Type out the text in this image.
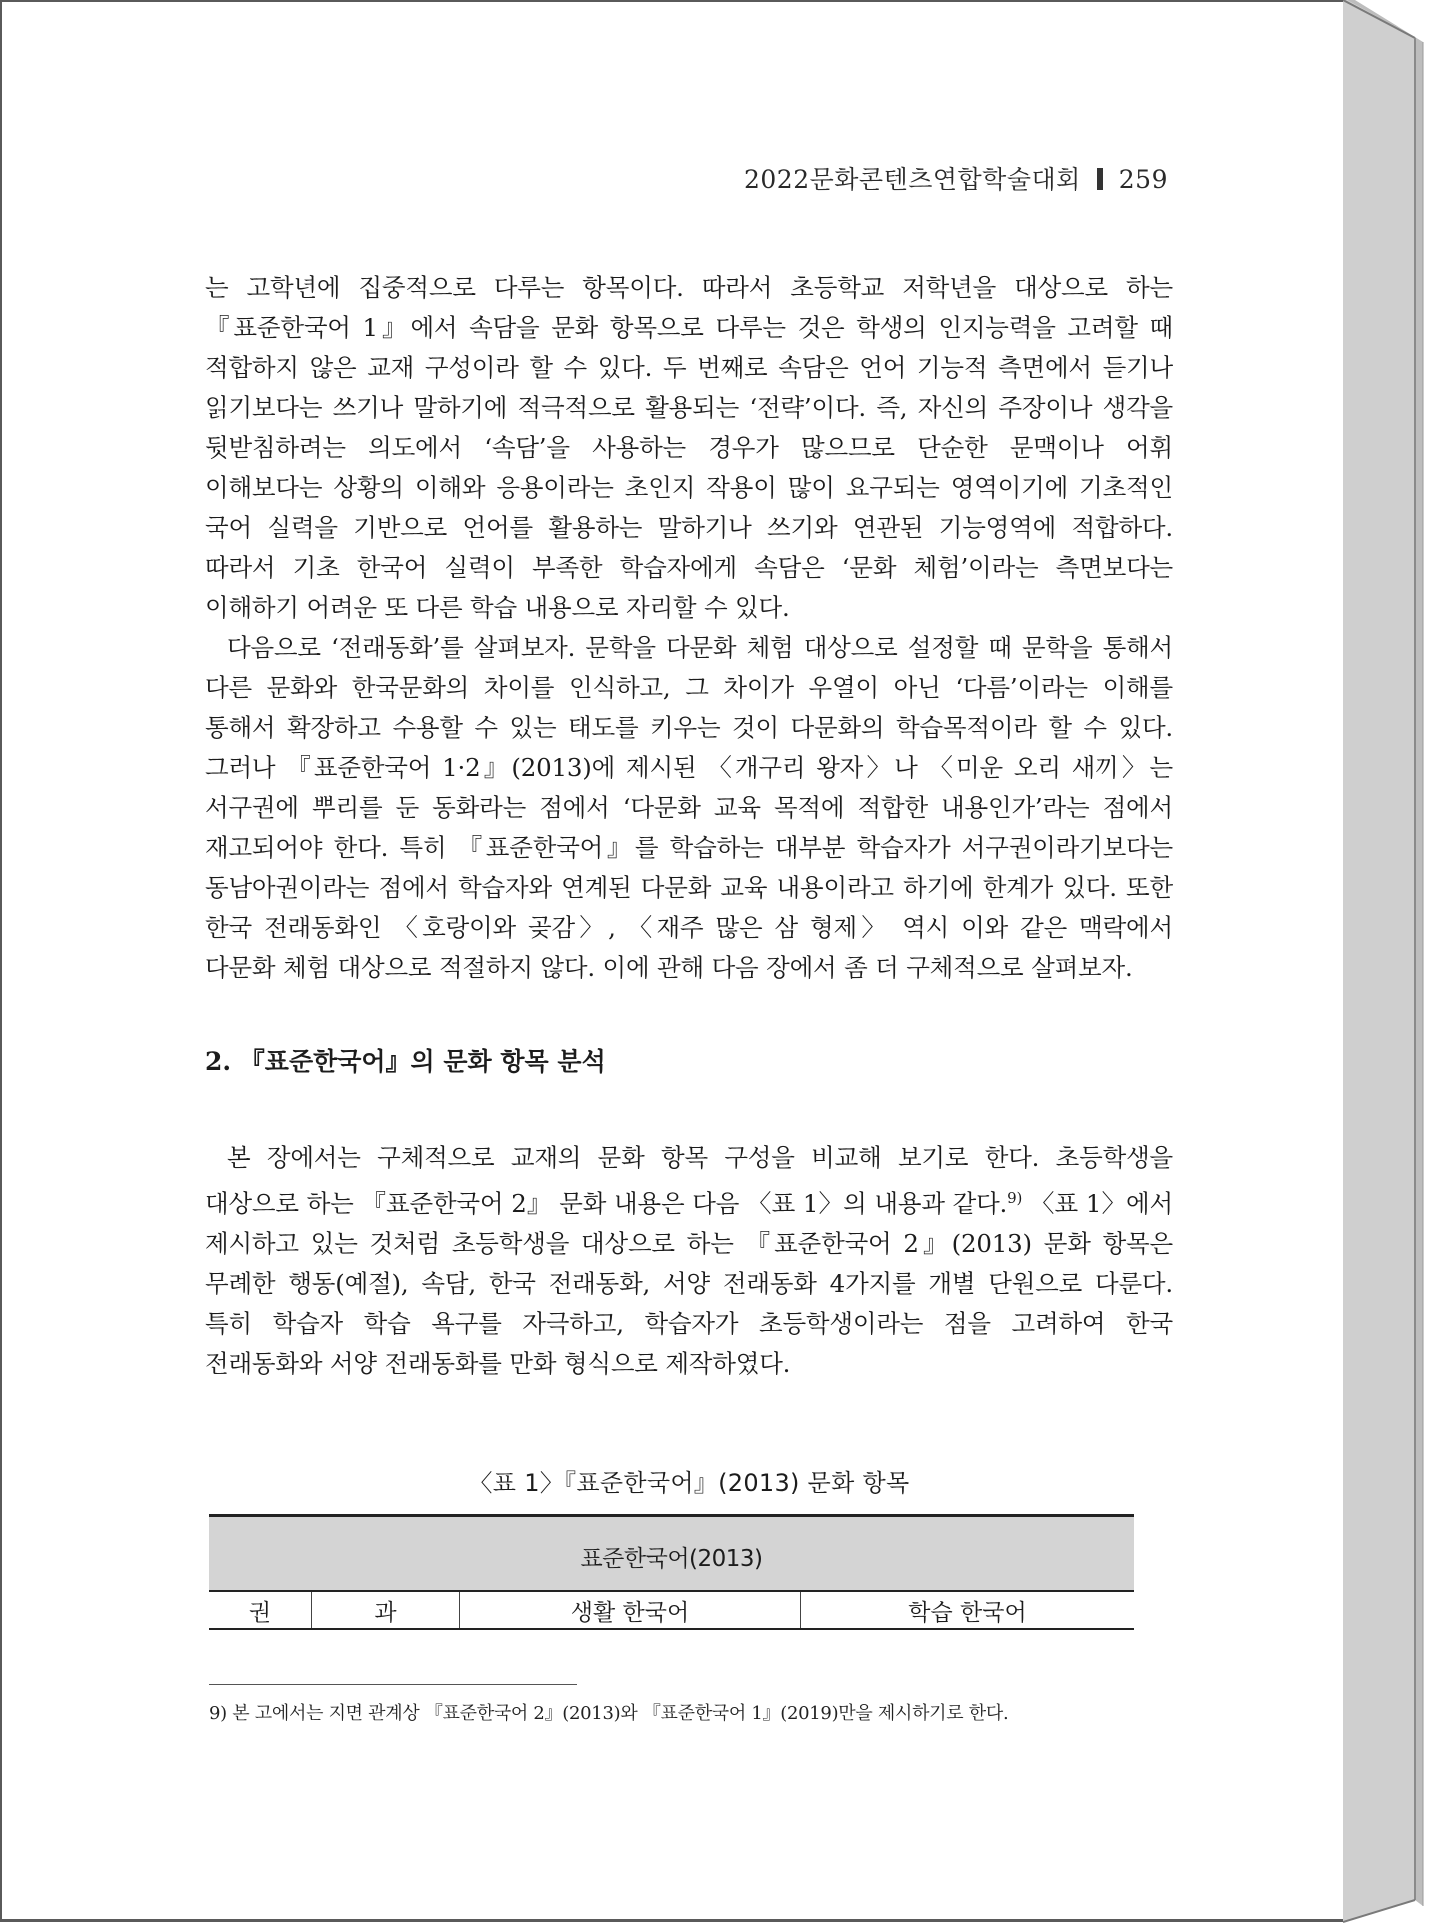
2022문화콘텐츠연합학술대회 259

는 고학년에 집중적으로 다루는 항목이다. 따라서 초등학교 저학년을 대상으로 하는 『표준한국어 1』에서 속담을 문화 항목으로 다루는 것은 학생의 인지능력을 고려할 때 적합하지 않은 교재 구성이라 할 수 있다. 두 번째로 속담은 언어 기능적 측면에서 듣기나 읽기보다는 쓰기나 말하기에 적극적으로 활용되는 ‘전략’이다. 즉, 자신의 주장이나 생각을 뒷받침하려는 의도에서 ‘속담’을 사용하는 경우가 많으므로 단순한 문맥이나 어휘 이해보다는 상황의 이해와 응용이라는 초인지 작용이 많이 요구되는 영역이기에 기초적인 국어 실력을 기반으로 언어를 활용하는 말하기나 쓰기와 연관된 기능영역에 적합하다. 따라서 기초 한국어 실력이 부족한 학습자에게 속담은 ‘문화 체험’이라는 측면보다는 이해하기 어려운 또 다른 학습 내용으로 자리할 수 있다.

다음으로 ‘전래동화’를 살펴보자. 문학을 다문화 체험 대상으로 설정할 때 문학을 통해서 다른 문화와 한국문화의 차이를 인식하고, 그 차이가 우열이 아닌 ‘다름’이라는 이해를 통해서 확장하고 수용할 수 있는 태도를 키우는 것이 다문화의 학습목적이라 할 수 있다. 그러나 『표준한국어 1·2』(2013)에 제시된 〈개구리 왕자〉나 〈미운 오리 새끼〉는 서구권에 뿌리를 둔 동화라는 점에서 ‘다문화 교육 목적에 적합한 내용인가’라는 점에서 재고되어야 한다. 특히 『표준한국어』를 학습하는 대부분 학습자가 서구권이라기보다는 동남아권이라는 점에서 학습자와 연계된 다문화 교육 내용이라고 하기에 한계가 있다. 또한 한국 전래동화인 〈호랑이와 곶감〉, 〈재주 많은 삼 형제〉 역시 이와 같은 맥락에서 다문화 체험 대상으로 적절하지 않다. 이에 관해 다음 장에서 좀 더 구체적으로 살펴보자.

2. 『표준한국어』의 문화 항목 분석

본 장에서는 구체적으로 교재의 문화 항목 구성을 비교해 보기로 한다. 초등학생을 대상으로 하는 『표준한국어 2』 문화 내용은 다음 〈표 1〉의 내용과 같다.$^{9)}$ 〈표 1〉에서 제시하고 있는 것처럼 초등학생을 대상으로 하는 『표준한국어 2』(2013) 문화 항목은 무례한 행동(예절), 속담, 한국 전래동화, 서양 전래동화 4가지를 개별 단원으로 다룬다. 특히 학습자 학습 욕구를 자극하고, 학습자가 초등학생이라는 점을 고려하여 한국 전래동화와 서양 전래동화를 만화 형식으로 제작하였다.

〈표 1〉『표준한국어』(2013) 문화 항목
표준한국어(2013)
권	과	생활 한국어	학습 한국어
9) 본 고에서는 지면 관계상 『표준한국어 2』(2013)와 『표준한국어 1』(2019)만을 제시하기로 한다.
